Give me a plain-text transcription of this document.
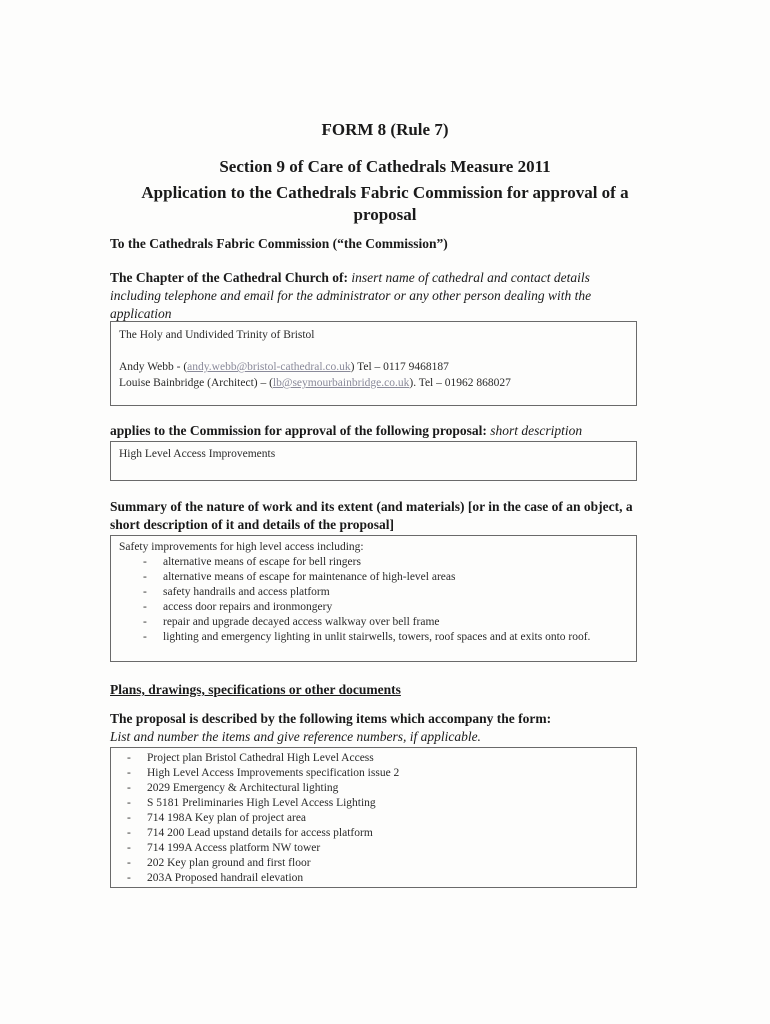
FORM 8 (Rule 7)
Section 9 of Care of Cathedrals Measure 2011
Application to the Cathedrals Fabric Commission for approval of a proposal
To the Cathedrals Fabric Commission (“the Commission”)
The Chapter of the Cathedral Church of: insert name of cathedral and contact details including telephone and email for the administrator or any other person dealing with the application
The Holy and Undivided Trinity of Bristol
Andy Webb - (andy.webb@bristol-cathedral.co.uk) Tel – 0117 9468187
Louise Bainbridge (Architect) – (lb@seymourbainbridge.co.uk). Tel – 01962 868027
applies to the Commission for approval of the following proposal: short description
High Level Access Improvements
Summary of the nature of work and its extent (and materials) [or in the case of an object, a short description of it and details of the proposal]
Safety improvements for high level access including:
- alternative means of escape for bell ringers
- alternative means of escape for maintenance of high-level areas
- safety handrails and access platform
- access door repairs and ironmongery
- repair and upgrade decayed access walkway over bell frame
- lighting and emergency lighting in unlit stairwells, towers, roof spaces and at exits onto roof.
Plans, drawings, specifications or other documents
The proposal is described by the following items which accompany the form:
List and number the items and give reference numbers, if applicable.
- Project plan Bristol Cathedral High Level Access
- High Level Access Improvements specification issue 2
- 2029 Emergency & Architectural lighting
- S 5181 Preliminaries High Level Access Lighting
- 714 198A Key plan of project area
- 714 200 Lead upstand details for access platform
- 714 199A Access platform NW tower
- 202 Key plan ground and first floor
- 203A Proposed handrail elevation
